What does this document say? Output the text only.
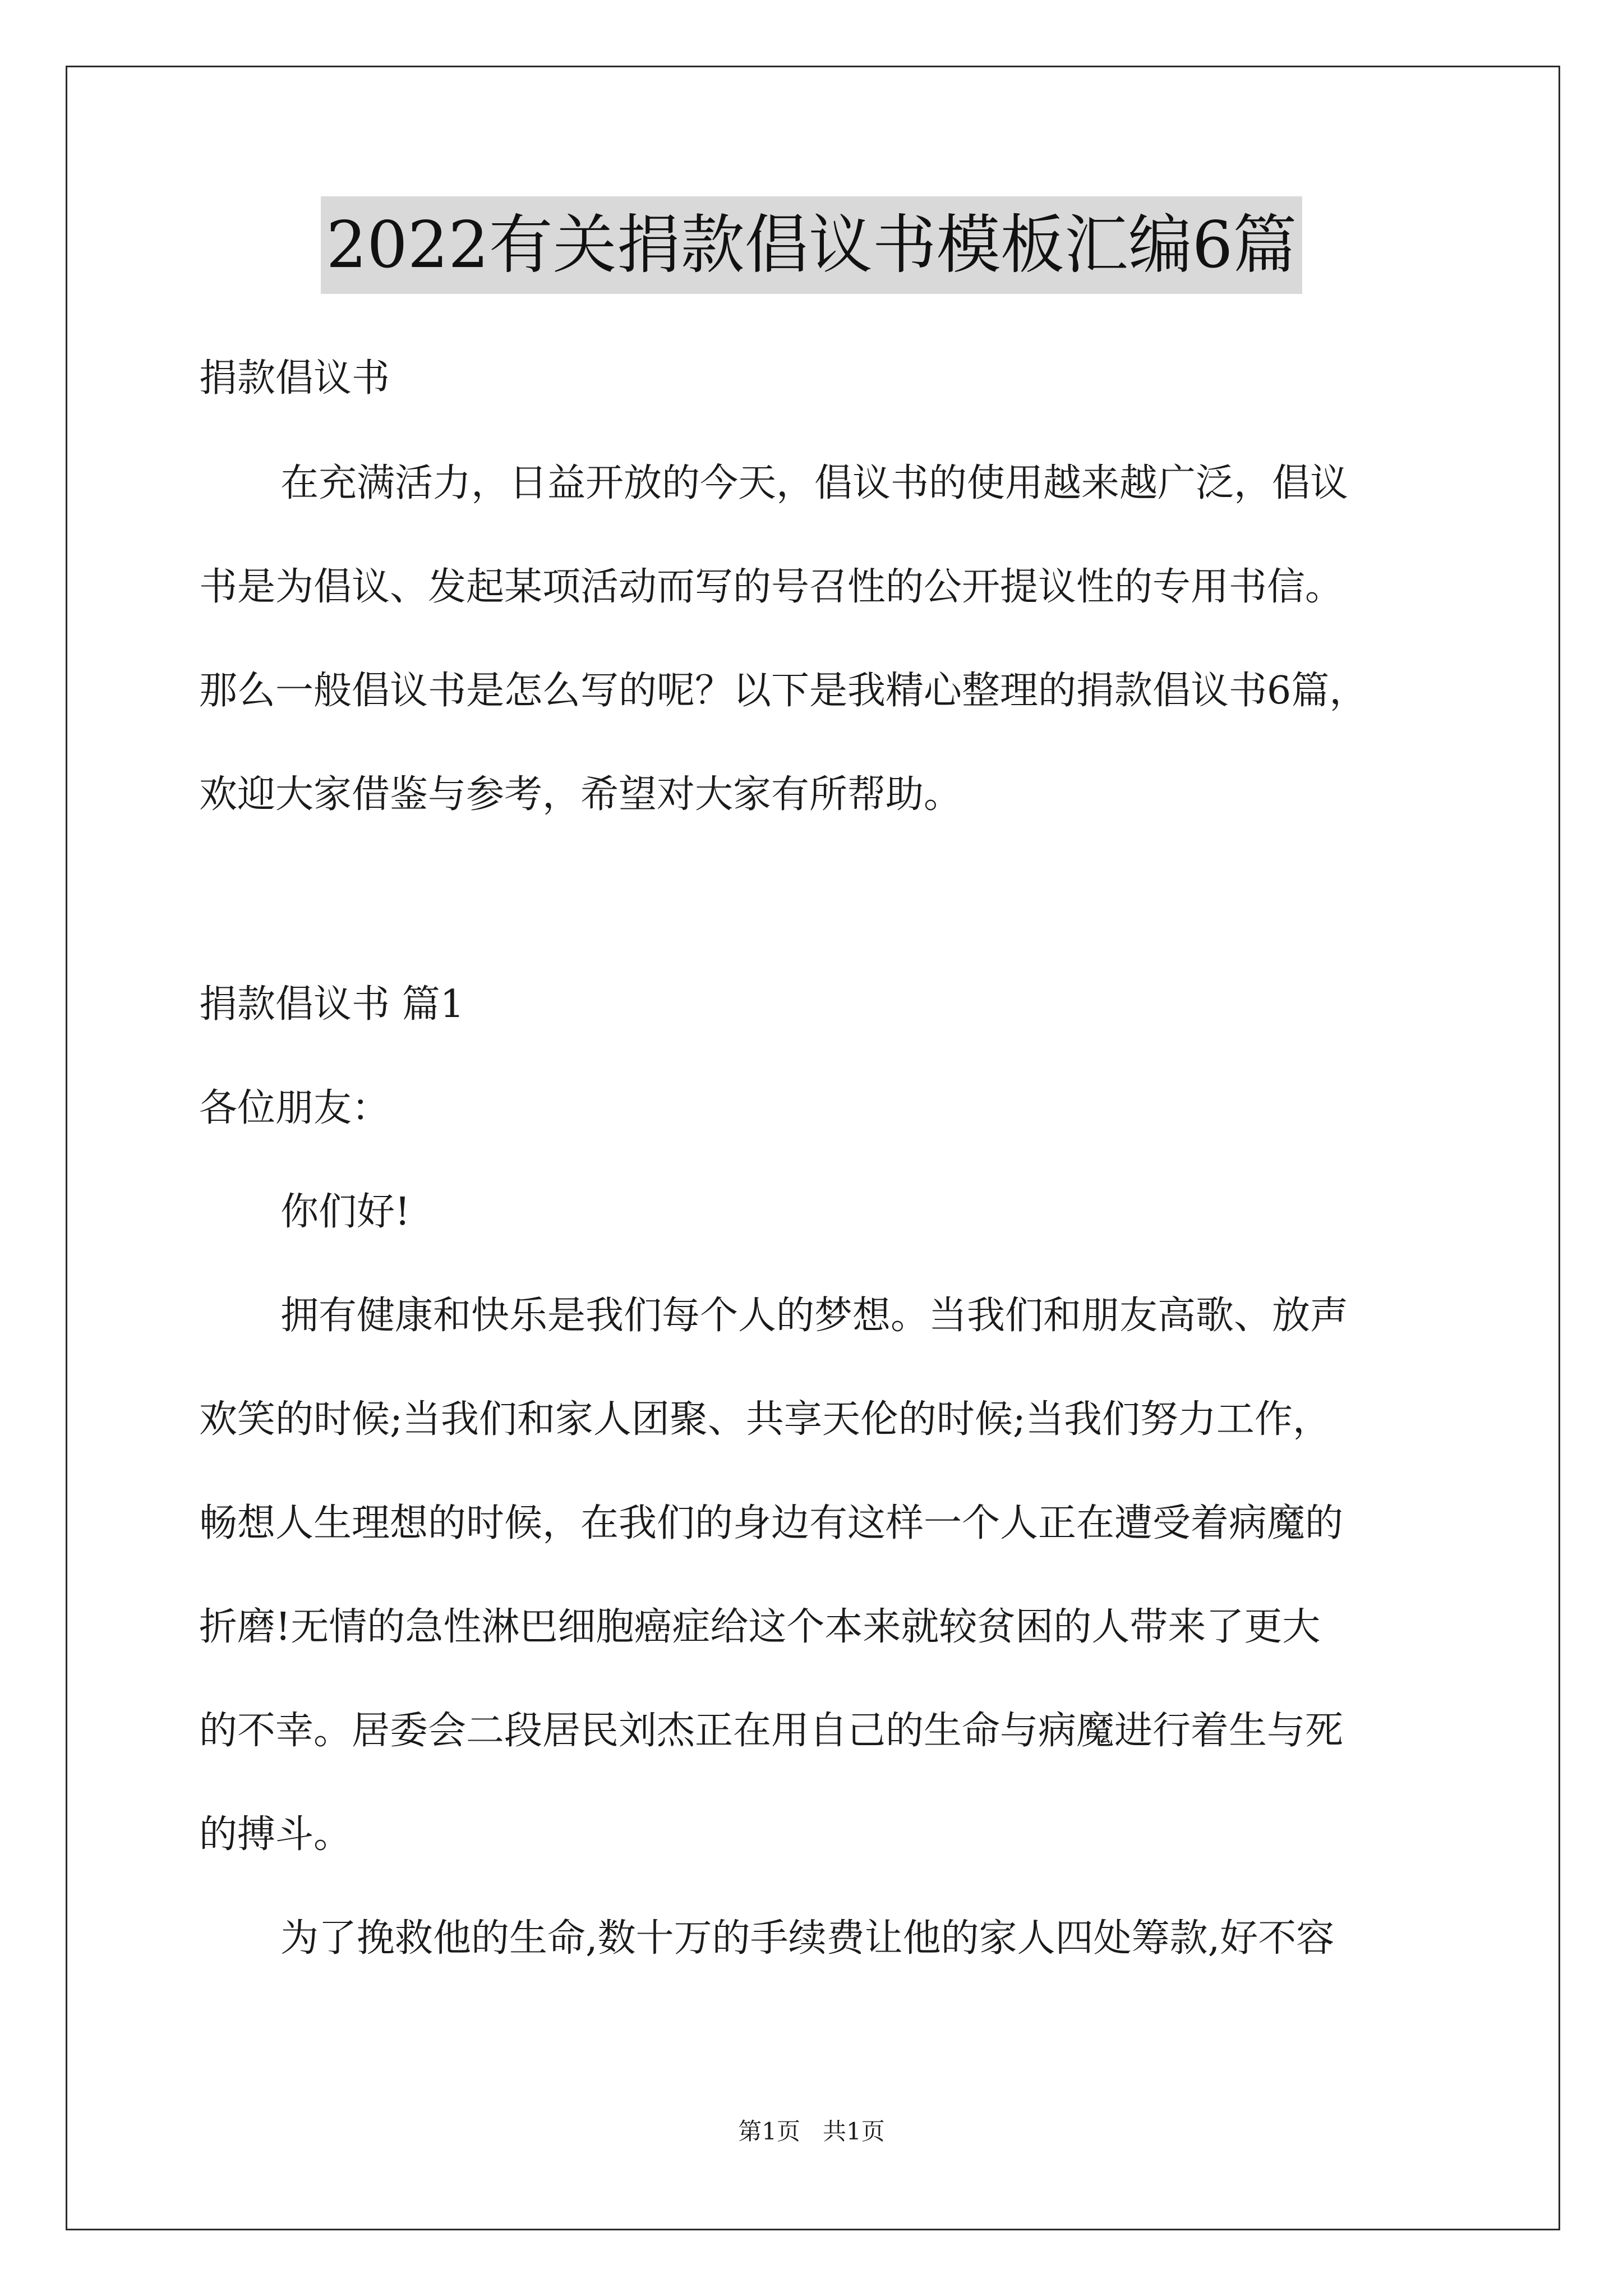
2022有关捐款倡议书模板汇编6篇
捐款倡议书
在充满活力，日益开放的今天，倡议书的使用越来越广泛，倡议
书是为倡议、发起某项活动而写的号召性的公开提议性的专用书信。
那么一般倡议书是怎么写的呢？以下是我精心整理的捐款倡议书6篇，
欢迎大家借鉴与参考，希望对大家有所帮助。
捐款倡议书 篇1
各位朋友：
你们好!
拥有健康和快乐是我们每个人的梦想。当我们和朋友高歌、放声
欢笑的时候;当我们和家人团聚、共享天伦的时候;当我们努力工作，
畅想人生理想的时候，在我们的身边有这样一个人正在遭受着病魔的
折磨!无情的急性淋巴细胞癌症给这个本来就较贫困的人带来了更大
的不幸。居委会二段居民刘杰正在用自己的生命与病魔进行着生与死
的搏斗。
为了挽救他的生命,数十万的手续费让他的家人四处筹款,好不容
第1页 共1页
